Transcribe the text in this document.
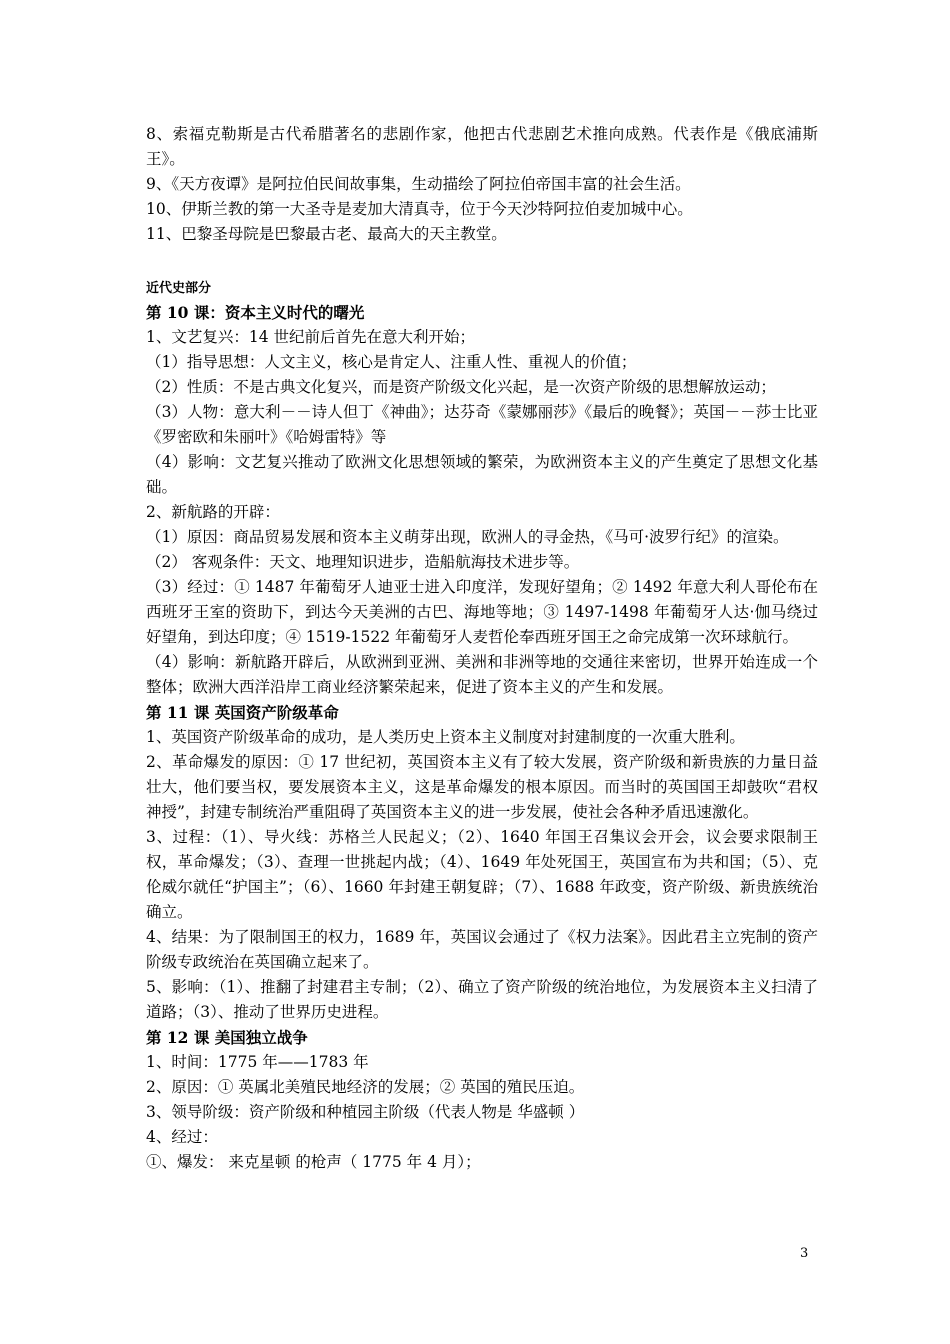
8、索福克勒斯是古代希腊著名的悲剧作家，他把古代悲剧艺术推向成熟。代表作是《俄底浦斯王》。

9、《天方夜谭》是阿拉伯民间故事集，生动描绘了阿拉伯帝国丰富的社会生活。

10、伊斯兰教的第一大圣寺是麦加大清真寺，位于今天沙特阿拉伯麦加城中心。

11、巴黎圣母院是巴黎最古老、最高大的天主教堂。

近代史部分

第 10 课：资本主义时代的曙光

1、文艺复兴：14 世纪前后首先在意大利开始；

（1）指导思想：人文主义，核心是肯定人、注重人性、重视人的价值；

（2）性质：不是古典文化复兴，而是资产阶级文化兴起，是一次资产阶级的思想解放运动；

（3）人物：意大利－－诗人但丁《神曲》；达芬奇《蒙娜丽莎》《最后的晚餐》；英国－－莎士比亚《罗密欧和朱丽叶》《哈姆雷特》等

（4）影响：文艺复兴推动了欧洲文化思想领域的繁荣，为欧洲资本主义的产生奠定了思想文化基础。

2、新航路的开辟：

（1）原因：商品贸易发展和资本主义萌芽出现，欧洲人的寻金热，《马可·波罗行纪》的渲染。

（2） 客观条件：天文、地理知识进步，造船航海技术进步等。

（3）经过：① 1487 年葡萄牙人迪亚士进入印度洋，发现好望角；② 1492 年意大利人哥伦布在西班牙王室的资助下，到达今天美洲的古巴、海地等地；③ 1497-1498 年葡萄牙人达·伽马绕过好望角，到达印度；④ 1519-1522 年葡萄牙人麦哲伦奉西班牙国王之命完成第一次环球航行。

（4）影响：新航路开辟后，从欧洲到亚洲、美洲和非洲等地的交通往来密切，世界开始连成一个整体；欧洲大西洋沿岸工商业经济繁荣起来，促进了资本主义的产生和发展。

第 11 课 英国资产阶级革命

1、英国资产阶级革命的成功，是人类历史上资本主义制度对封建制度的一次重大胜利。

2、革命爆发的原因：① 17 世纪初，英国资本主义有了较大发展，资产阶级和新贵族的力量日益壮大，他们要当权，要发展资本主义，这是革命爆发的根本原因。而当时的英国国王却鼓吹“君权神授”，封建专制统治严重阻碍了英国资本主义的进一步发展，使社会各种矛盾迅速激化。

3、过程：（1）、导火线：苏格兰人民起义；（2）、1640 年国王召集议会开会，议会要求限制王权，革命爆发；（3）、查理一世挑起内战；（4）、1649 年处死国王，英国宣布为共和国；（5）、克伦威尔就任“护国主”；（6）、1660 年封建王朝复辟；（7）、1688 年政变，资产阶级、新贵族统治确立。

4、结果：为了限制国王的权力，1689 年，英国议会通过了《权力法案》。因此君主立宪制的资产阶级专政统治在英国确立起来了。

5、影响：（1）、推翻了封建君主专制；（2）、确立了资产阶级的统治地位，为发展资本主义扫清了道路；（3）、推动了世界历史进程。

第 12 课 美国独立战争

1、时间：1775 年——1783 年

2、原因：① 英属北美殖民地经济的发展；② 英国的殖民压迫。

3、领导阶级：资产阶级和种植园主阶级（代表人物是 华盛顿 ）

4、经过：

①、爆发： 来克星顿 的枪声（ 1775 年 4 月）；

3
